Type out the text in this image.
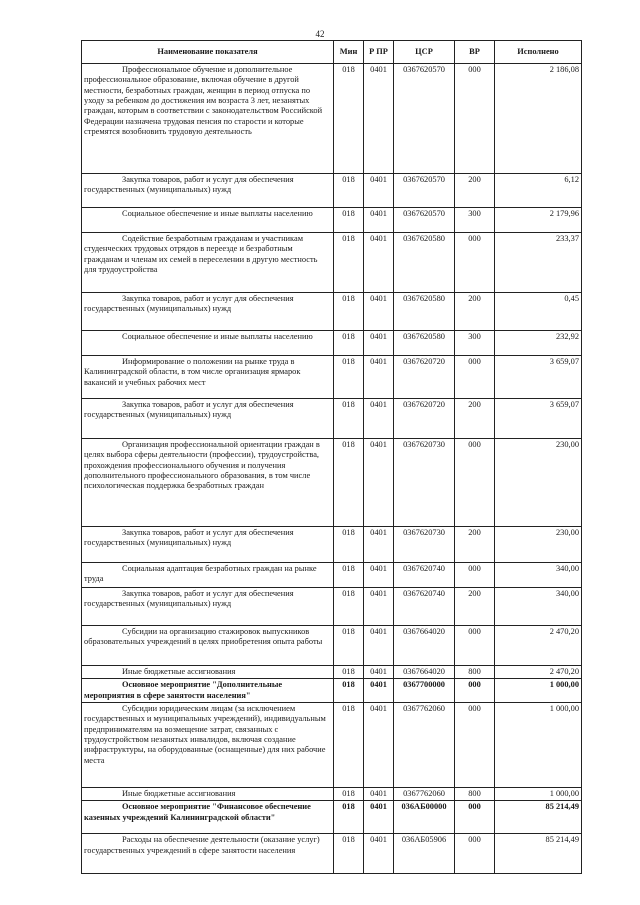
42
Наименование показателя	Мин	Р ПР	ЦСР	ВР	Исполнено

Профессиональное обучение и дополнительное профессиональное образование, включая обучение в другой местности, безработных граждан, женщин в период отпуска по уходу за ребенком до достижения им возраста 3 лет, незанятых граждан, которым в соответствии с законодательством Российской Федерации назначена трудовая пенсия по старости и которые стремятся возобновить трудовую деятельность	018	0401	0367620570	000	2 186,08

Закупка товаров, работ и услуг для обеспечения государственных (муниципальных) нужд	018	0401	0367620570	200	6,12

Социальное обеспечение и иные выплаты населению	018	0401	0367620570	300	2 179,96

Содействие безработным гражданам и участникам студенческих трудовых отрядов в переезде и безработным гражданам и членам их семей в переселении в другую местность для трудоустройства	018	0401	0367620580	000	233,37

Закупка товаров, работ и услуг для обеспечения государственных (муниципальных) нужд	018	0401	0367620580	200	0,45

Социальное обеспечение и иные выплаты населению	018	0401	0367620580	300	232,92

Информирование о положении на рынке труда в Калининградской области, в том числе организация ярмарок вакансий и учебных рабочих мест	018	0401	0367620720	000	3 659,07

Закупка товаров, работ и услуг для обеспечения государственных (муниципальных) нужд	018	0401	0367620720	200	3 659,07

Организация профессиональной ориентации граждан в целях выбора сферы деятельности (профессии), трудоустройства, прохождения профессионального обучения и получения дополнительного профессионального образования, в том числе психологическая поддержка безработных граждан	018	0401	0367620730	000	230,00

Закупка товаров, работ и услуг для обеспечения государственных (муниципальных) нужд	018	0401	0367620730	200	230,00

Социальная адаптация безработных граждан на рынке труда	018	0401	0367620740	000	340,00

Закупка товаров, работ и услуг для обеспечения государственных (муниципальных) нужд	018	0401	0367620740	200	340,00

Субсидии на организацию стажировок выпускников образовательных учреждений в целях приобретения опыта работы	018	0401	0367664020	000	2 470,20

Иные бюджетные ассигнования	018	0401	0367664020	800	2 470,20

Основное мероприятие "Дополнительные мероприятия в сфере занятости населения"	018	0401	0367700000	000	1 000,00

Субсидии юридическим лицам (за исключением государственных и муниципальных учреждений), индивидуальным предпринимателям на возмещение затрат, связанных с трудоустройством незанятых инвалидов, включая создание инфраструктуры, на оборудованные (оснащенные) для них рабочие места	018	0401	0367762060	000	1 000,00

Иные бюджетные ассигнования	018	0401	0367762060	800	1 000,00

Основное мероприятие "Финансовое обеспечение казенных учреждений Калининградской области"	018	0401	036АБ00000	000	85 214,49

Расходы на обеспечение деятельности (оказание услуг) государственных учреждений в сфере занятости населения	018	0401	036АБ05906	000	85 214,49
